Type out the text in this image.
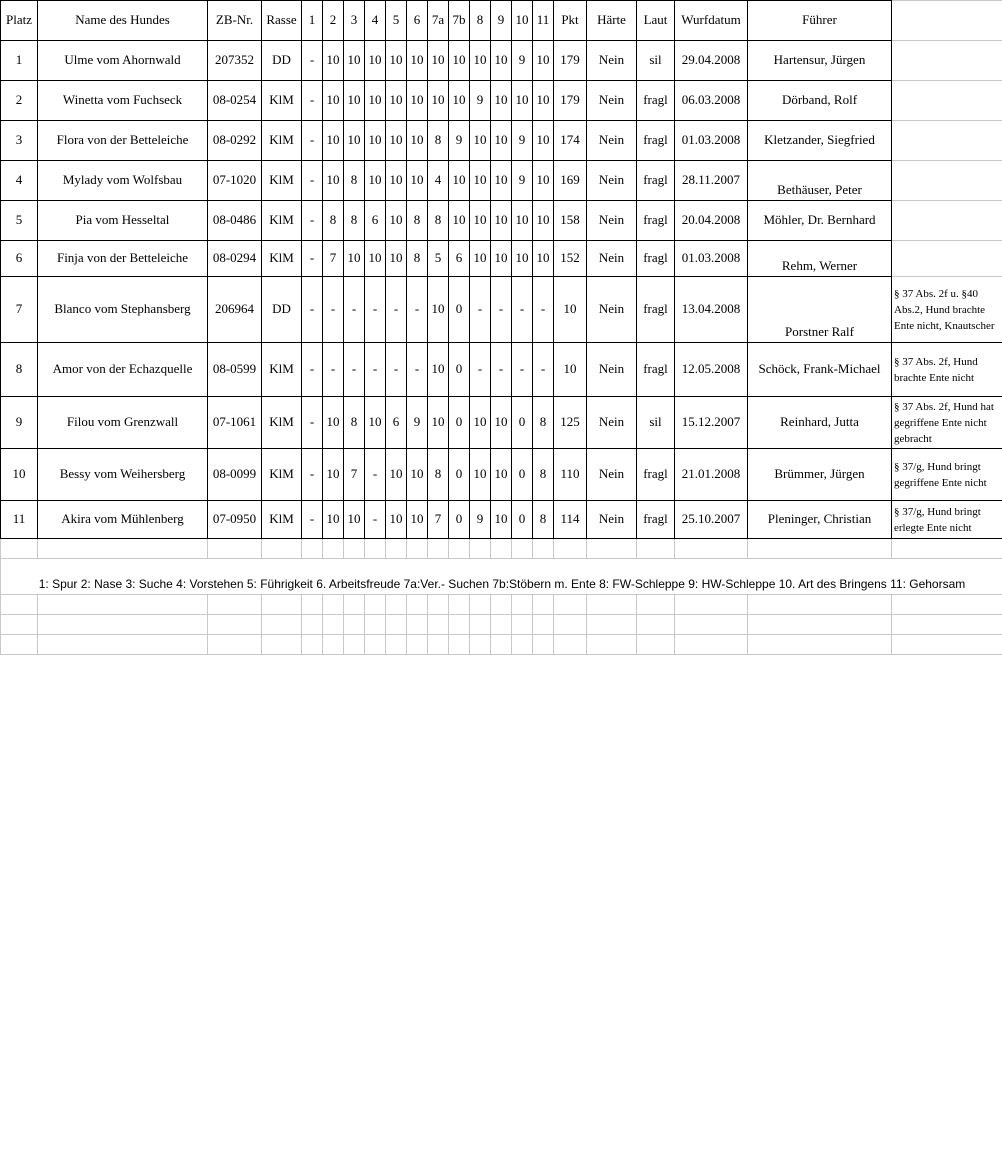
Platz	Name des Hundes	ZB-Nr.	Rasse	1	2	3	4	5	6	7a	7b	8	9	10	11	Pkt	Härte	Laut	Wurfdatum	Führer	
1	Ulme vom Ahornwald	207352	DD	-	10	10	10	10	10	10	10	10	10	9	10	179	Nein	sil	29.04.2008	Hartensur, Jürgen	
2	Winetta vom Fuchseck	08-0254	KlM	-	10	10	10	10	10	10	10	9	10	10	10	179	Nein	fragl	06.03.2008	Dörband, Rolf	
3	Flora von der Betteleiche	08-0292	KlM	-	10	10	10	10	10	8	9	10	10	9	10	174	Nein	fragl	01.03.2008	Kletzander, Siegfried	
4	Mylady vom Wolfsbau	07-1020	KlM	-	10	8	10	10	10	4	10	10	10	9	10	169	Nein	fragl	28.11.2007	Bethäuser, Peter	
5	Pia vom Hesseltal	08-0486	KlM	-	8	8	6	10	8	8	10	10	10	10	10	158	Nein	fragl	20.04.2008	Möhler, Dr. Bernhard	
6	Finja von der Betteleiche	08-0294	KlM	-	7	10	10	10	8	5	6	10	10	10	10	152	Nein	fragl	01.03.2008	Rehm, Werner	
7	Blanco vom Stephansberg	206964	DD	-	-	-	-	-	-	10	0	-	-	-	-	10	Nein	fragl	13.04.2008	Porstner Ralf	§ 37 Abs. 2f u. §40 Abs.2, Hund brachte Ente nicht, Knautscher
8	Amor von der Echazquelle	08-0599	KlM	-	-	-	-	-	-	10	0	-	-	-	-	10	Nein	fragl	12.05.2008	Schöck, Frank-Michael	§ 37 Abs. 2f, Hund brachte Ente nicht
9	Filou vom Grenzwall	07-1061	KlM	-	10	8	10	6	9	10	0	10	10	0	8	125	Nein	sil	15.12.2007	Reinhard, Jutta	§ 37 Abs. 2f, Hund hat gegriffene Ente nicht gebracht
10	Bessy vom Weihersberg	08-0099	KlM	-	10	7	-	10	10	8	0	10	10	0	8	110	Nein	fragl	21.01.2008	Brümmer, Jürgen	§ 37/g, Hund bringt gegriffene Ente nicht
11	Akira vom Mühlenberg	07-0950	KlM	-	10	10	-	10	10	7	0	9	10	0	8	114	Nein	fragl	25.10.2007	Pleninger, Christian	§ 37/g, Hund bringt erlegte Ente nicht

1: Spur 2: Nase 3: Suche 4: Vorstehen 5: Führigkeit 6. Arbeitsfreude 7a:Ver.- Suchen 7b:Stöbern m. Ente 8: FW-Schleppe 9: HW-Schleppe 10. Art des Bringens 11: Gehorsam																					
